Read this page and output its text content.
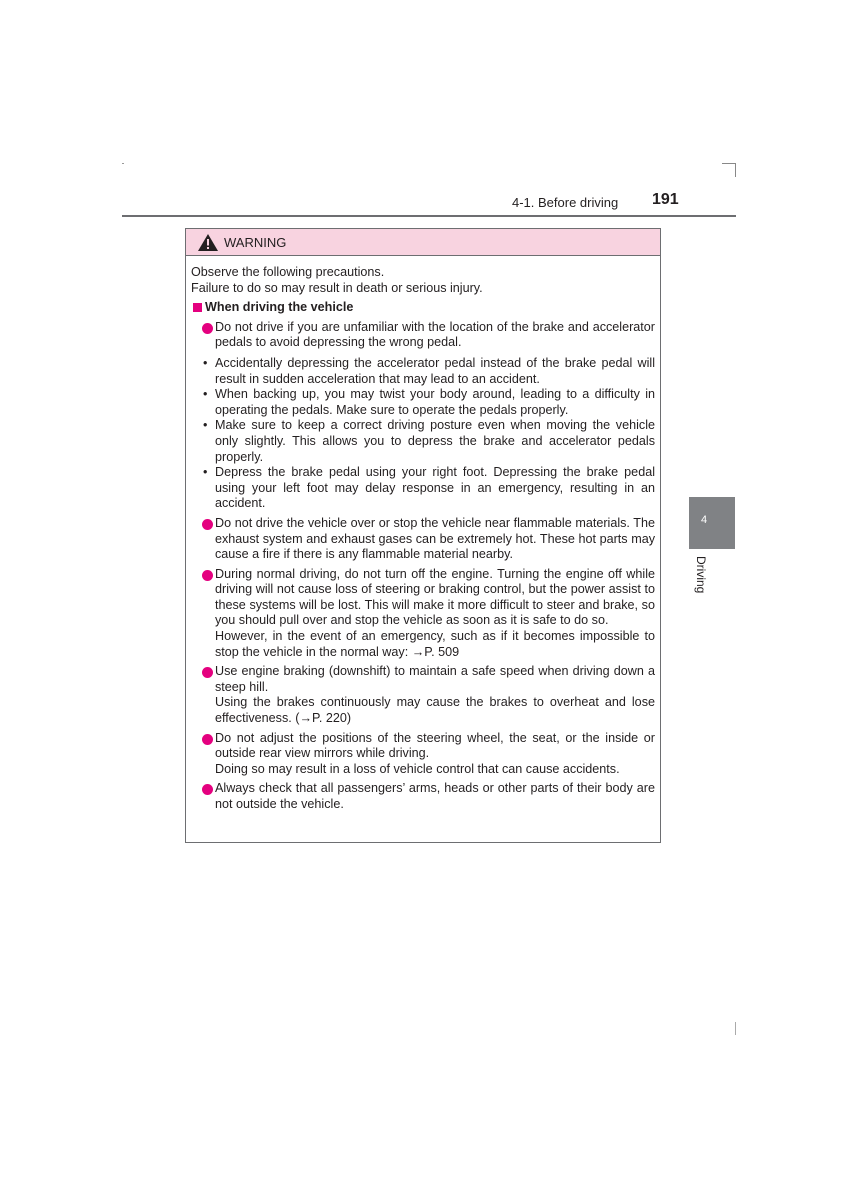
4-1. Before driving 191
4
Driving
WARNING

Observe the following precautions.

Failure to do so may result in death or serious injury.

When driving the vehicle

Do not drive if you are unfamiliar with the location of the brake and accelerator pedals to avoid depressing the wrong pedal.

• Accidentally depressing the accelerator pedal instead of the brake pedal will result in sudden acceleration that may lead to an accident.
• When backing up, you may twist your body around, leading to a difficulty in operating the pedals. Make sure to operate the pedals properly.
• Make sure to keep a correct driving posture even when moving the vehicle only slightly. This allows you to depress the brake and accelerator pedals properly.
• Depress the brake pedal using your right foot. Depressing the brake pedal using your left foot may delay response in an emergency, resulting in an accident.

Do not drive the vehicle over or stop the vehicle near flammable materials. The exhaust system and exhaust gases can be extremely hot. These hot parts may cause a fire if there is any flammable material nearby.

During normal driving, do not turn off the engine. Turning the engine off while driving will not cause loss of steering or braking control, but the power assist to these systems will be lost. This will make it more difficult to steer and brake, so you should pull over and stop the vehicle as soon as it is safe to do so.

However, in the event of an emergency, such as if it becomes impossible to stop the vehicle in the normal way: →P. 509

Use engine braking (downshift) to maintain a safe speed when driving down a steep hill.

Using the brakes continuously may cause the brakes to overheat and lose effectiveness. (→P. 220)

Do not adjust the positions of the steering wheel, the seat, or the inside or outside rear view mirrors while driving.

Doing so may result in a loss of vehicle control that can cause accidents.

Always check that all passengers’ arms, heads or other parts of their body are not outside the vehicle.
